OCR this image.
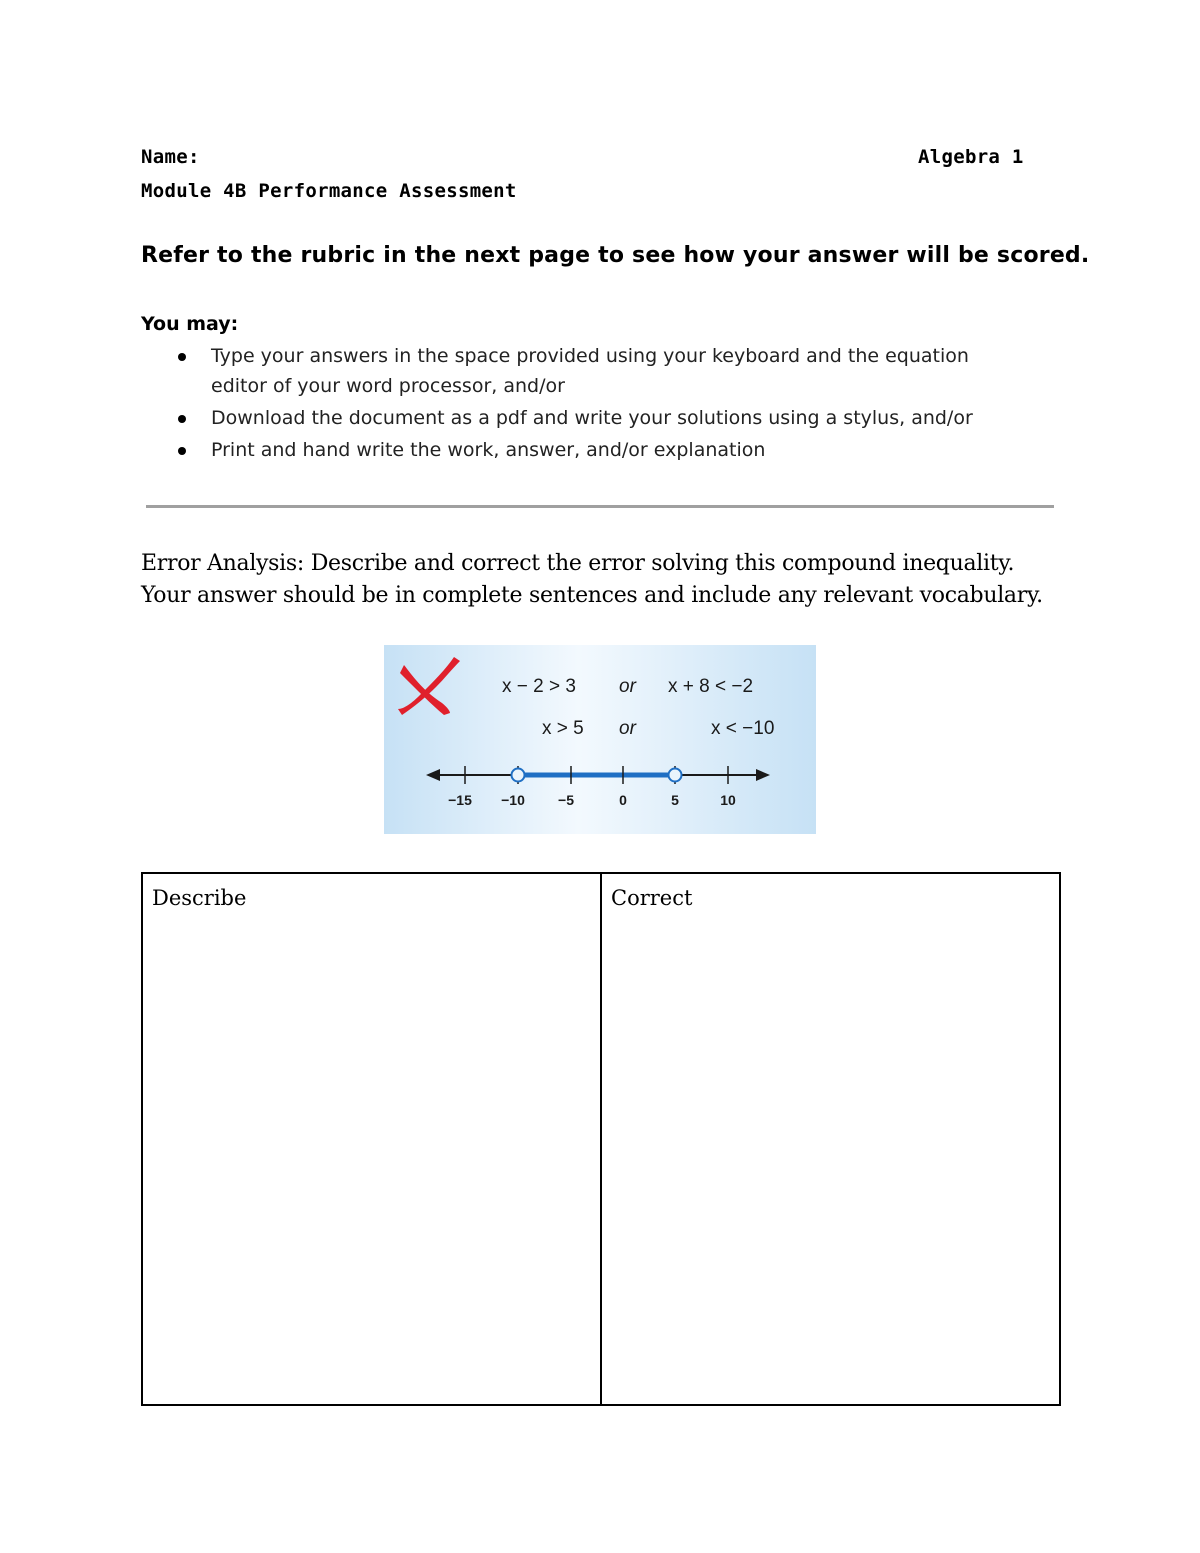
Name:	Algebra 1
Module 4B Performance Assessment
Refer to the rubric in the next page to see how your answer will be scored.
You may:
Type your answers in the space provided using your keyboard and the equation editor of your word processor, and/or
Download the document as a pdf and write your solutions using a stylus, and/or
Print and hand write the work, answer, and/or explanation
Error Analysis: Describe and correct the error solving this compound inequality. Your answer should be in complete sentences and include any relevant vocabulary.
x − 2 > 3 or x + 8 < −2
x > 5 or	x < −10
−15 −10 −5	0	5	10
Describe	Correct
